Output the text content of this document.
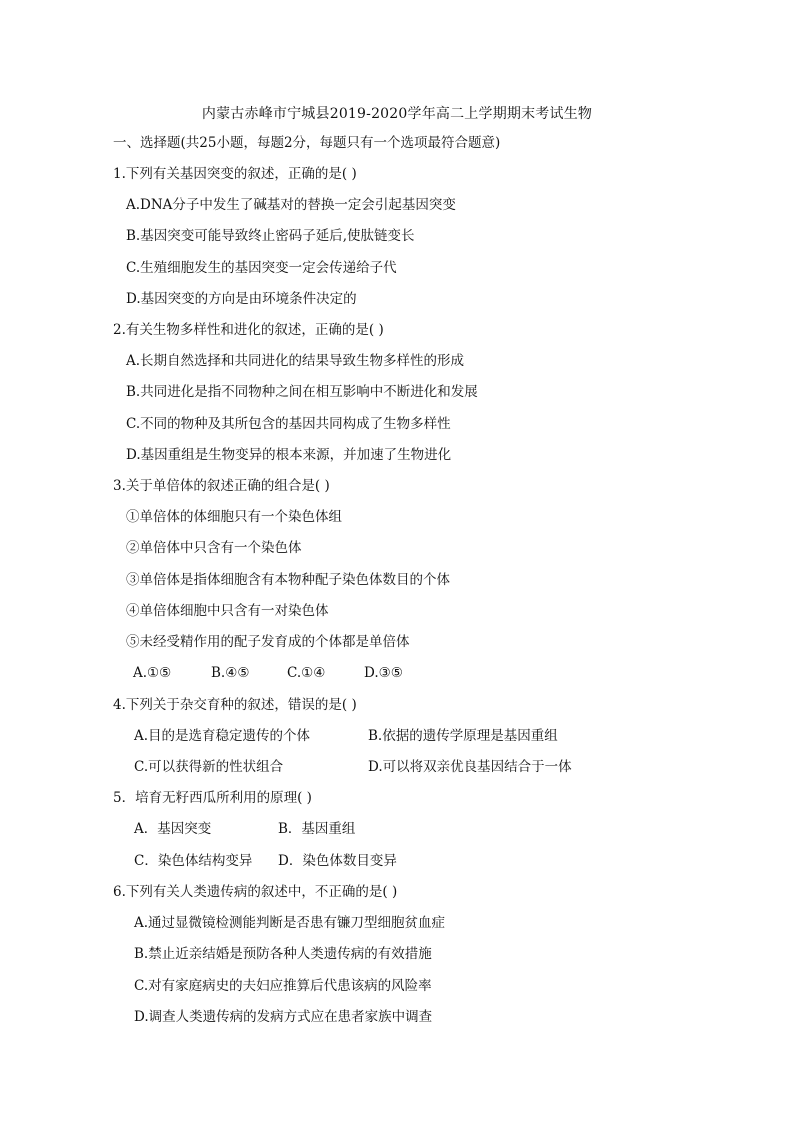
内蒙古赤峰市宁城县2019-2020学年高二上学期期末考试生物
一、选择题(共25小题，每题2分，每题只有一个选项最符合题意)
1.下列有关基因突变的叙述，正确的是( )
A.DNA分子中发生了碱基对的替换一定会引起基因突变
B.基因突变可能导致终止密码子延后,使肽链变长
C.生殖细胞发生的基因突变一定会传递给子代
D.基因突变的方向是由环境条件决定的
2.有关生物多样性和进化的叙述，正确的是( )
A.长期自然选择和共同进化的结果导致生物多样性的形成
B.共同进化是指不同物种之间在相互影响中不断进化和发展
C.不同的物种及其所包含的基因共同构成了生物多样性
D.基因重组是生物变异的根本来源，并加速了生物进化
3.关于单倍体的叙述正确的组合是( )
①单倍体的体细胞只有一个染色体组
②单倍体中只含有一个染色体
③单倍体是指体细胞含有本物种配子染色体数目的个体
④单倍体细胞中只含有一对染色体
⑤未经受精作用的配子发育成的个体都是单倍体
A.①⑤	B.④⑤	C.①④	D.③⑤
4.下列关于杂交育种的叙述，错误的是( )
A.目的是选育稳定遗传的个体	B.依据的遗传学原理是基因重组
C.可以获得新的性状组合	D.可以将双亲优良基因结合于一体
5．培育无籽西瓜所利用的原理( )
A．基因突变	B．基因重组
C．染色体结构变异 D．染色体数目变异
6.下列有关人类遗传病的叙述中，不正确的是( )
A.通过显微镜检测能判断是否患有镰刀型细胞贫血症
B.禁止近亲结婚是预防各种人类遗传病的有效措施
C.对有家庭病史的夫妇应推算后代患该病的风险率
D.调查人类遗传病的发病方式应在患者家族中调查
